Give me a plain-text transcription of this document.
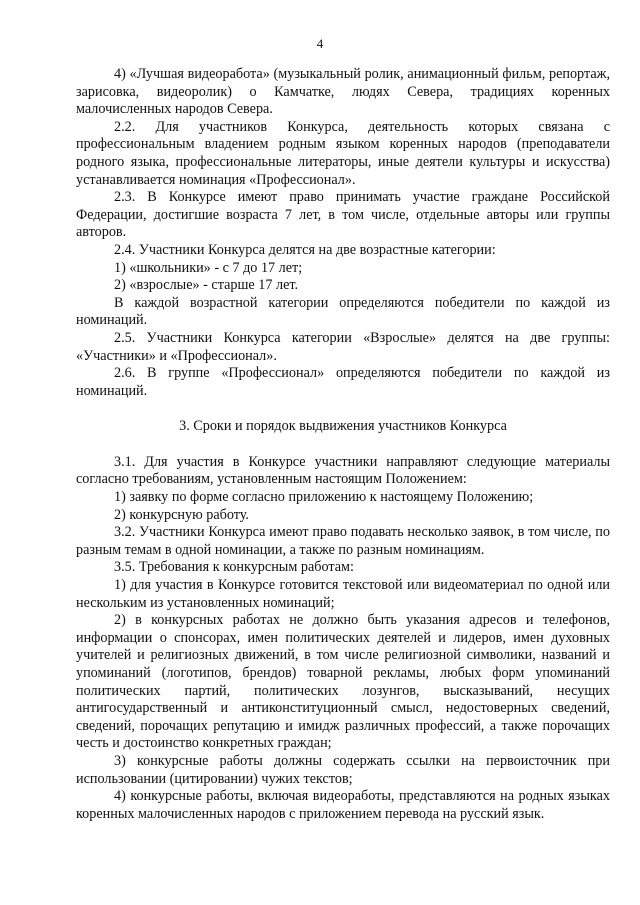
4

4) «Лучшая видеоработа» (музыкальный ролик, анимационный фильм, репортаж, зарисовка, видеоролик) о Камчатке, людях Севера, традициях коренных малочисленных народов Севера.

2.2. Для участников Конкурса, деятельность которых связана с профессиональным владением родным языком коренных народов (преподаватели родного языка, профессиональные литераторы, иные деятели культуры и искусства) устанавливается номинация «Профессионал».

2.3. В Конкурсе имеют право принимать участие граждане Российской Федерации, достигшие возраста 7 лет, в том числе, отдельные авторы или группы авторов.

2.4. Участники Конкурса делятся на две возрастные категории:

1) «школьники» - с 7 до 17 лет;

2) «взрослые» - старше 17 лет.

В каждой возрастной категории определяются победители по каждой из номинаций.

2.5. Участники Конкурса категории «Взрослые» делятся на две группы: «Участники» и «Профессионал».

2.6. В группе «Профессионал» определяются победители по каждой из номинаций.

3. Сроки и порядок выдвижения участников Конкурса

3.1. Для участия в Конкурсе участники направляют следующие материалы согласно требованиям, установленным настоящим Положением:

1) заявку по форме согласно приложению к настоящему Положению;

2) конкурсную работу.

3.2. Участники Конкурса имеют право подавать несколько заявок, в том числе, по разным темам в одной номинации, а также по разным номинациям.

3.5. Требования к конкурсным работам:

1) для участия в Конкурсе готовится текстовой или видеоматериал по одной или нескольким из установленных номинаций;

2) в конкурсных работах не должно быть указания адресов и телефонов, информации о спонсорах, имен политических деятелей и лидеров, имен духовных учителей и религиозных движений, в том числе религиозной символики, названий и упоминаний (логотипов, брендов) товарной рекламы, любых форм упоминаний политических партий, политических лозунгов, высказываний, несущих антигосударственный и антиконституционный смысл, недостоверных сведений, сведений, порочащих репутацию и имидж различных профессий, а также порочащих честь и достоинство конкретных граждан;

3) конкурсные работы должны содержать ссылки на первоисточник при использовании (цитировании) чужих текстов;

4) конкурсные работы, включая видеоработы, представляются на родных языках коренных малочисленных народов с приложением перевода на русский язык.
